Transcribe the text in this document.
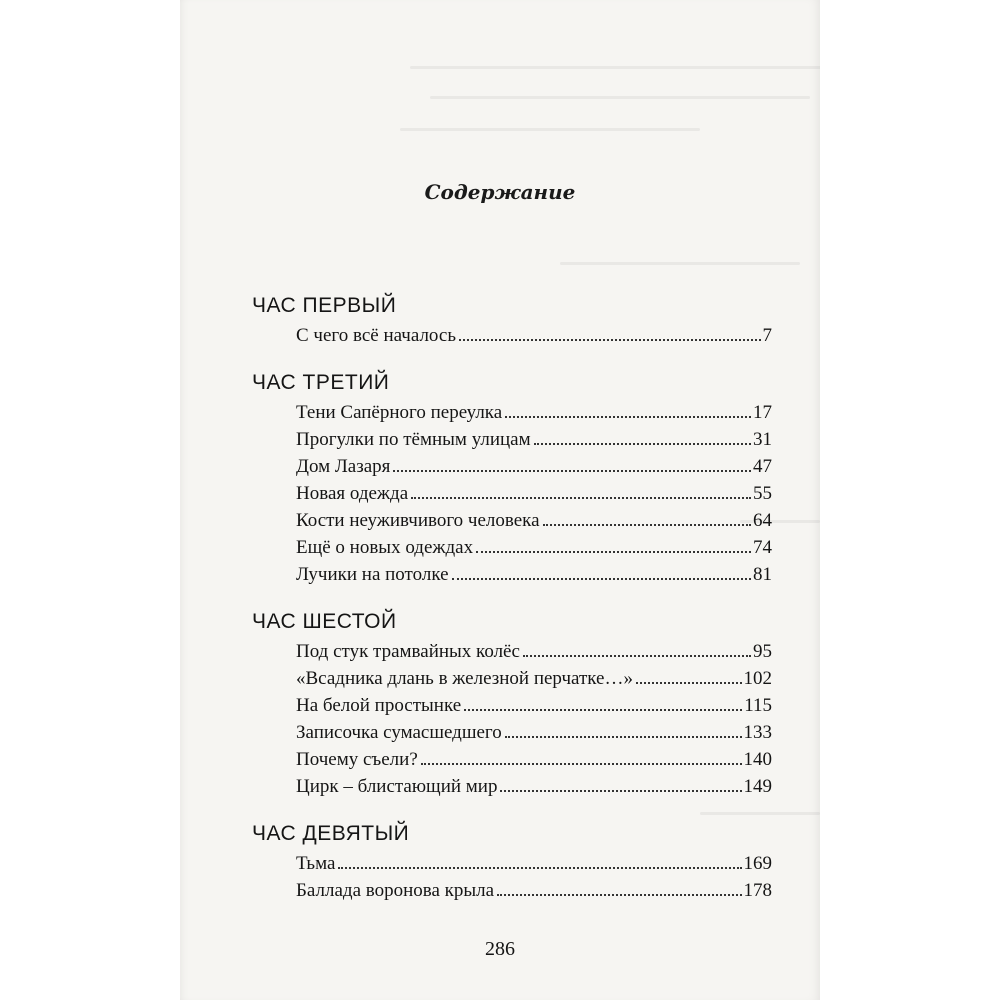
Содержание
ЧАС ПЕРВЫЙ
С чего всё началось	7
ЧАС ТРЕТИЙ
Тени Сапёрного переулка	17
Прогулки по тёмным улицам	31
Дом Лазаря	47
Новая одежда	55
Кости неуживчивого человека	64
Ещё о новых одеждах	74
Лучики на потолке	81
ЧАС ШЕСТОЙ
Под стук трамвайных колёс	95
«Всадника длань в железной перчатке…»	102
На белой простынке	115
Записочка сумасшедшего	133
Почему съели?	140
Цирк – блистающий мир	149
ЧАС ДЕВЯТЫЙ
Тьма	169
Баллада воронова крыла	178
286
